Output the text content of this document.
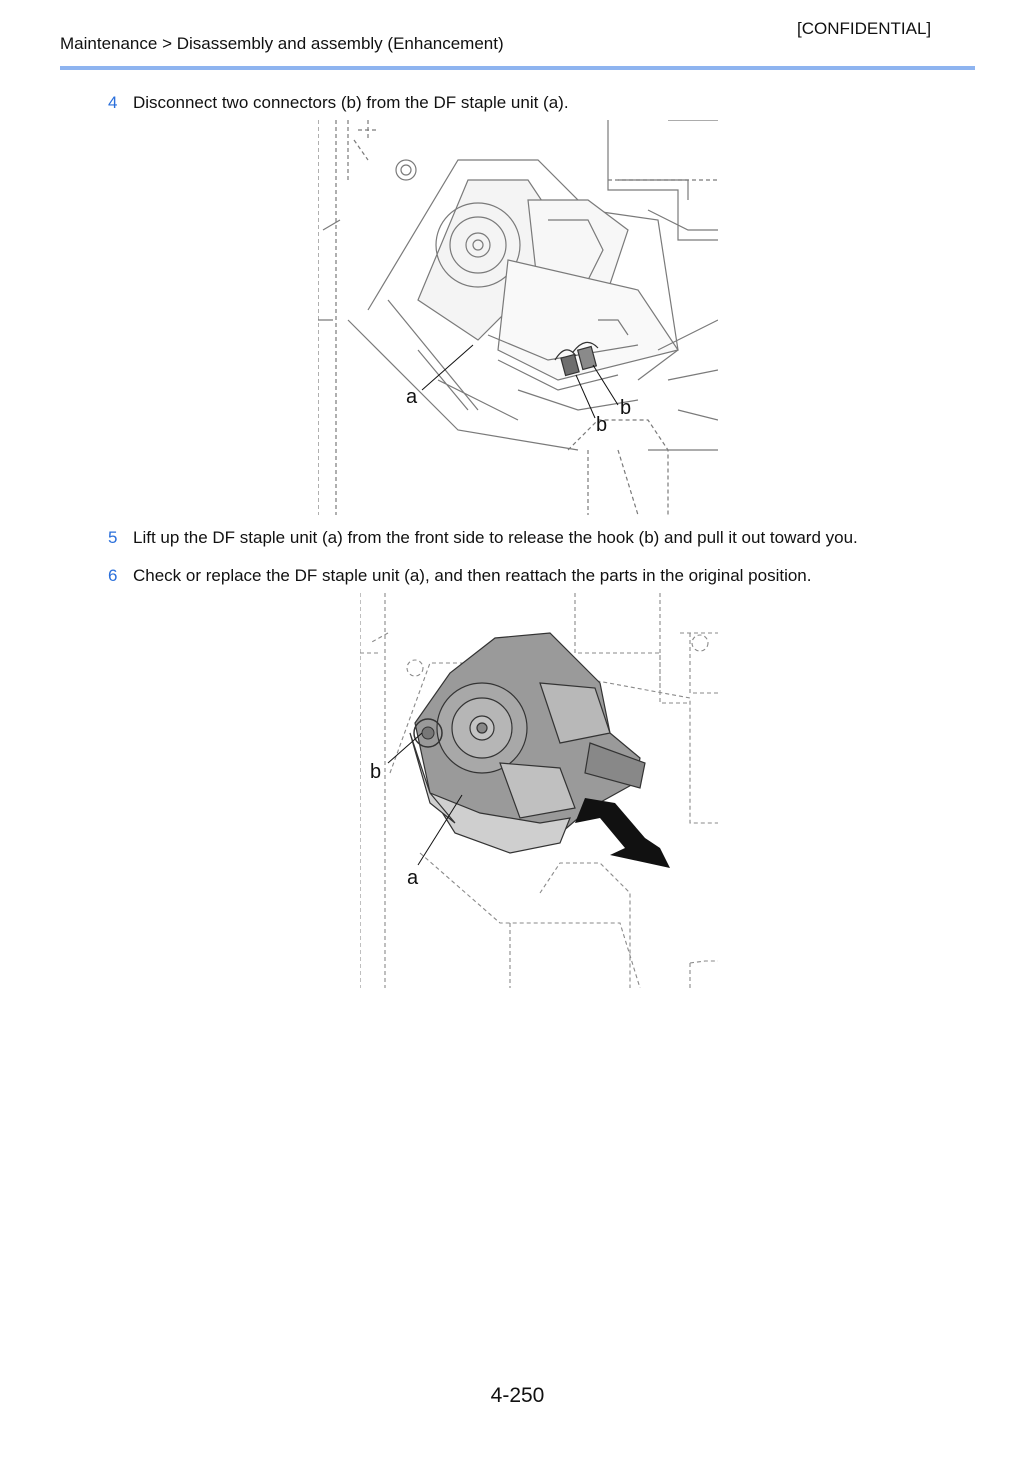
[CONFIDENTIAL]
Maintenance > Disassembly and assembly (Enhancement)
4 Disconnect two connectors (b) from the DF staple unit (a).
a	b
b
5 Lift up the DF staple unit (a) from the front side to release the hook (b) and pull it out toward you.
6 Check or replace the DF staple unit (a), and then reattach the parts in the original position.
b
a
4-250
